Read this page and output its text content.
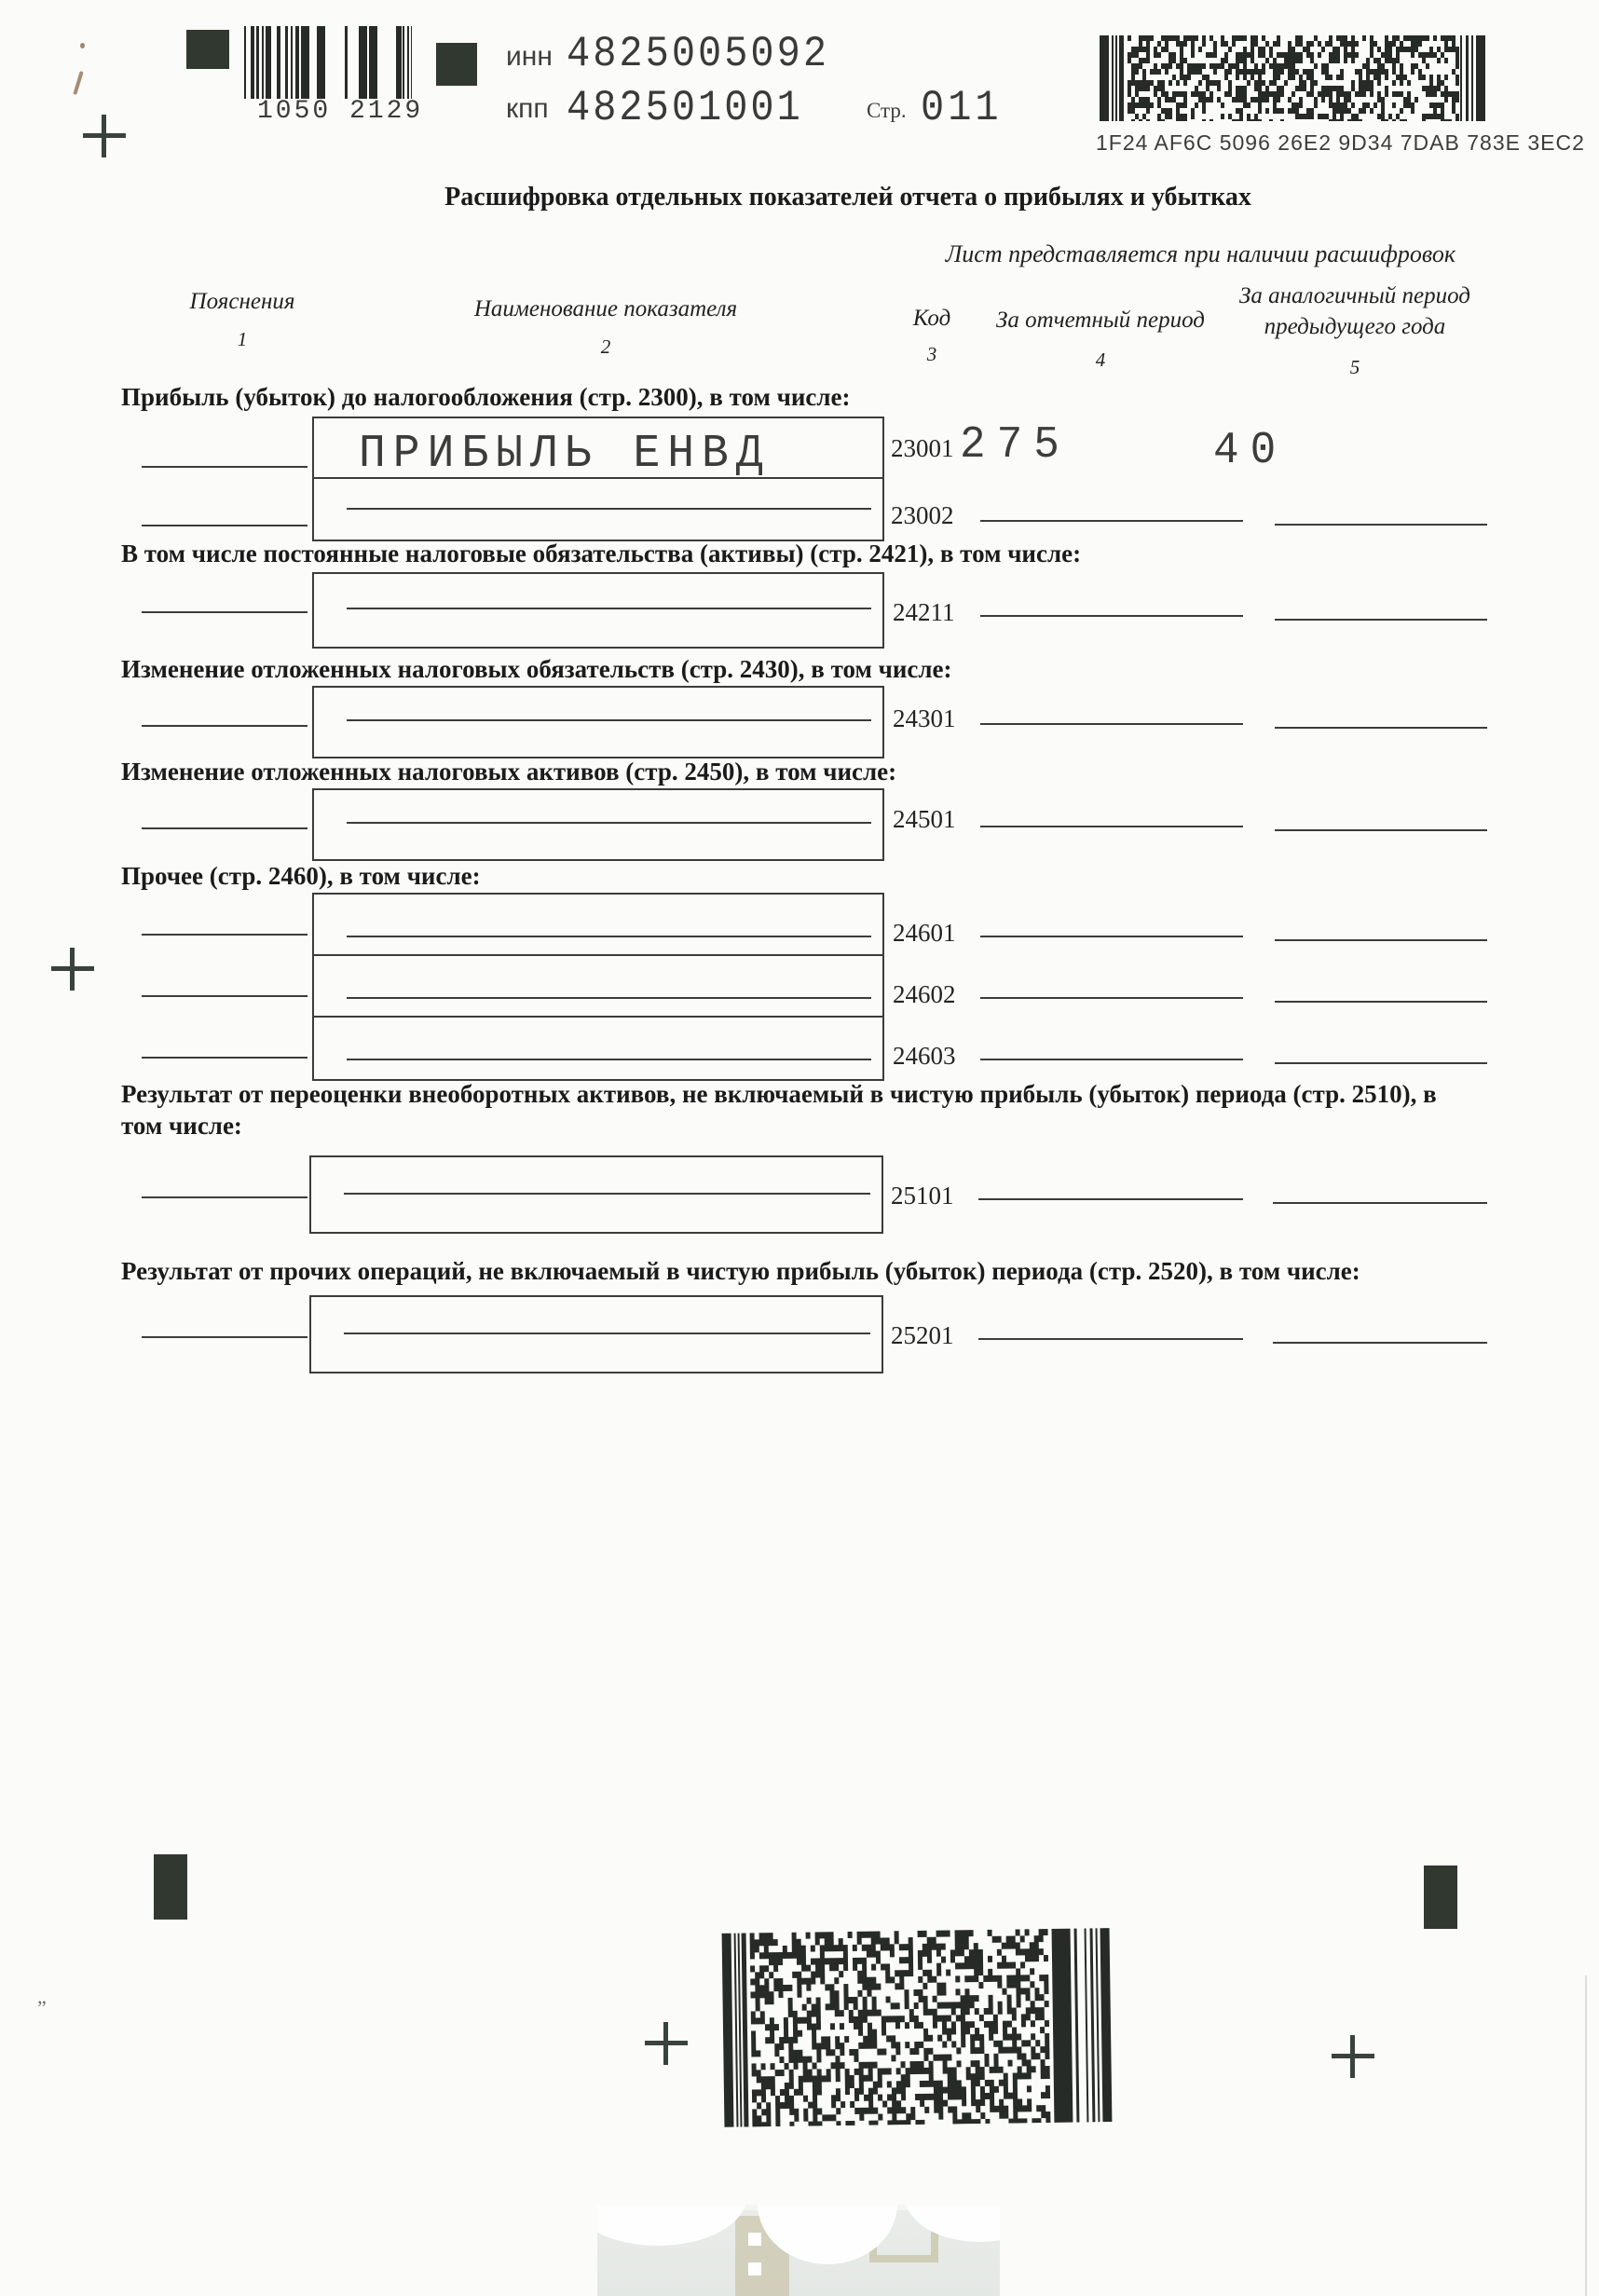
1050 2129
инн 4825005092
кпп 482501001	Стр. 011
1F24 AF6C 5096 26E2 9D34 7DAB 783E 3EC2
Расшифровка отдельных показателей отчета о прибылях и убытках
Лист представляется при наличии расшифровок
Пояснения
1
Наименование показателя
2
Код
3
За отчетный период
4
За аналогичный период предыдущего года
5
Прибыль (убыток) до налогообложения (стр. 2300), в том числе:
ПРИБЫЛЬ ЕНВД	23001 275	40
23002
В том числе постоянные налоговые обязательства (активы) (стр. 2421), в том числе:
24211
Изменение отложенных налоговых обязательств (стр. 2430), в том числе:
24301
Изменение отложенных налоговых активов (стр. 2450), в том числе:
24501
Прочее (стр. 2460), в том числе:
24601
24602
24603
Результат от переоценки внеоборотных активов, не включаемый в чистую прибыль (убыток) периода (стр. 2510), в том числе:
25101
Результат от прочих операций, не включаемый в чистую прибыль (убыток) периода (стр. 2520), в том числе:
25201
”
